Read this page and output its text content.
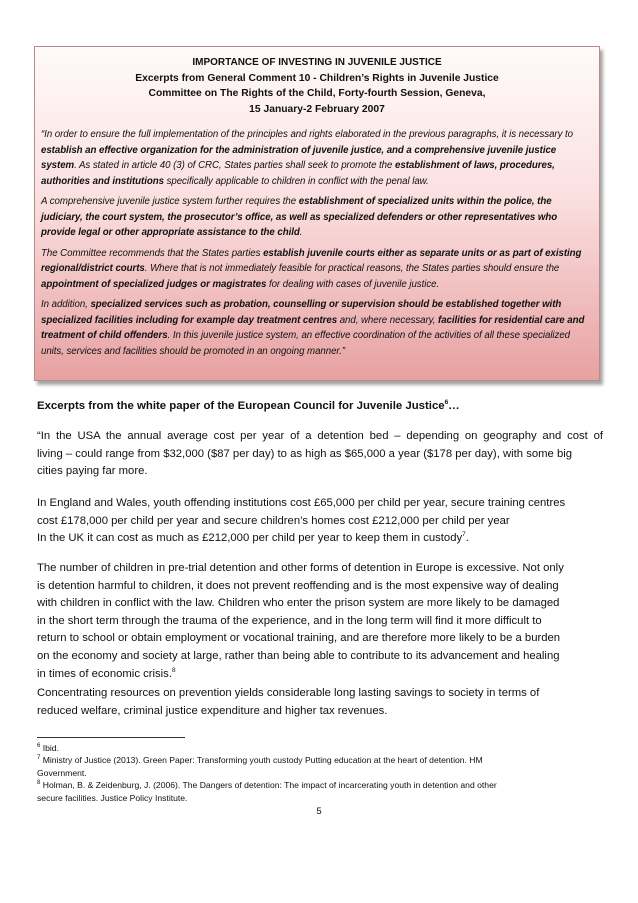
IMPORTANCE OF INVESTING IN JUVENILE JUSTICE
Excerpts from General Comment 10 - Children’s Rights in Juvenile Justice
Committee on The Rights of the Child, Forty-fourth Session, Geneva,
15 January-2 February 2007

“In order to ensure the full implementation of the principles and rights elaborated in the previous paragraphs, it is necessary to establish an effective organization for the administration of juvenile justice, and a comprehensive juvenile justice system. As stated in article 40 (3) of CRC, States parties shall seek to promote the establishment of laws, procedures, authorities and institutions specifically applicable to children in conflict with the penal law.

A comprehensive juvenile justice system further requires the establishment of specialized units within the police, the judiciary, the court system, the prosecutor’s office, as well as specialized defenders or other representatives who provide legal or other appropriate assistance to the child.

The Committee recommends that the States parties establish juvenile courts either as separate units or as part of existing regional/district courts. Where that is not immediately feasible for practical reasons, the States parties should ensure the appointment of specialized judges or magistrates for dealing with cases of juvenile justice.

In addition, specialized services such as probation, counselling or supervision should be established together with specialized facilities including for example day treatment centres and, where necessary, facilities for residential care and treatment of child offenders. In this juvenile justice system, an effective coordination of the activities of all these specialized units, services and facilities should be promoted in an ongoing manner.”

Excerpts from the white paper of the European Council for Juvenile Justice$^6$…
“In the USA the annual average cost per year of a detention bed – depending on geography and cost of
living – could range from $32,000 ($87 per day) to as high as $65,000 a year ($178 per day), with some big
cities paying far more.
In England and Wales, youth offending institutions cost £65,000 per child per year, secure training centres
cost £178,000 per child per year and secure children’s homes cost £212,000 per child per year
In the UK it can cost as much as £212,000 per child per year to keep them in custody$^7$.
The number of children in pre-trial detention and other forms of detention in Europe is excessive. Not only
is detention harmful to children, it does not prevent reoffending and is the most expensive way of dealing
with children in conflict with the law. Children who enter the prison system are more likely to be damaged
in the short term through the trauma of the experience, and in the long term will find it more difficult to
return to school or obtain employment or vocational training, and are therefore more likely to be a burden
on the economy and society at large, rather than being able to contribute to its advancement and healing
in times of economic crisis.$^8$
Concentrating resources on prevention yields considerable long lasting savings to society in terms of
reduced welfare, criminal justice expenditure and higher tax revenues.
$^6$ Ibid.
$^7$ Ministry of Justice (2013). Green Paper: Transforming youth custody Putting education at the heart of detention. HM
Government.
$^8$ Holman, B. & Zeidenburg, J. (2006). The Dangers of detention: The impact of incarcerating youth in detention and other
secure facilities. Justice Policy Institute.
5
